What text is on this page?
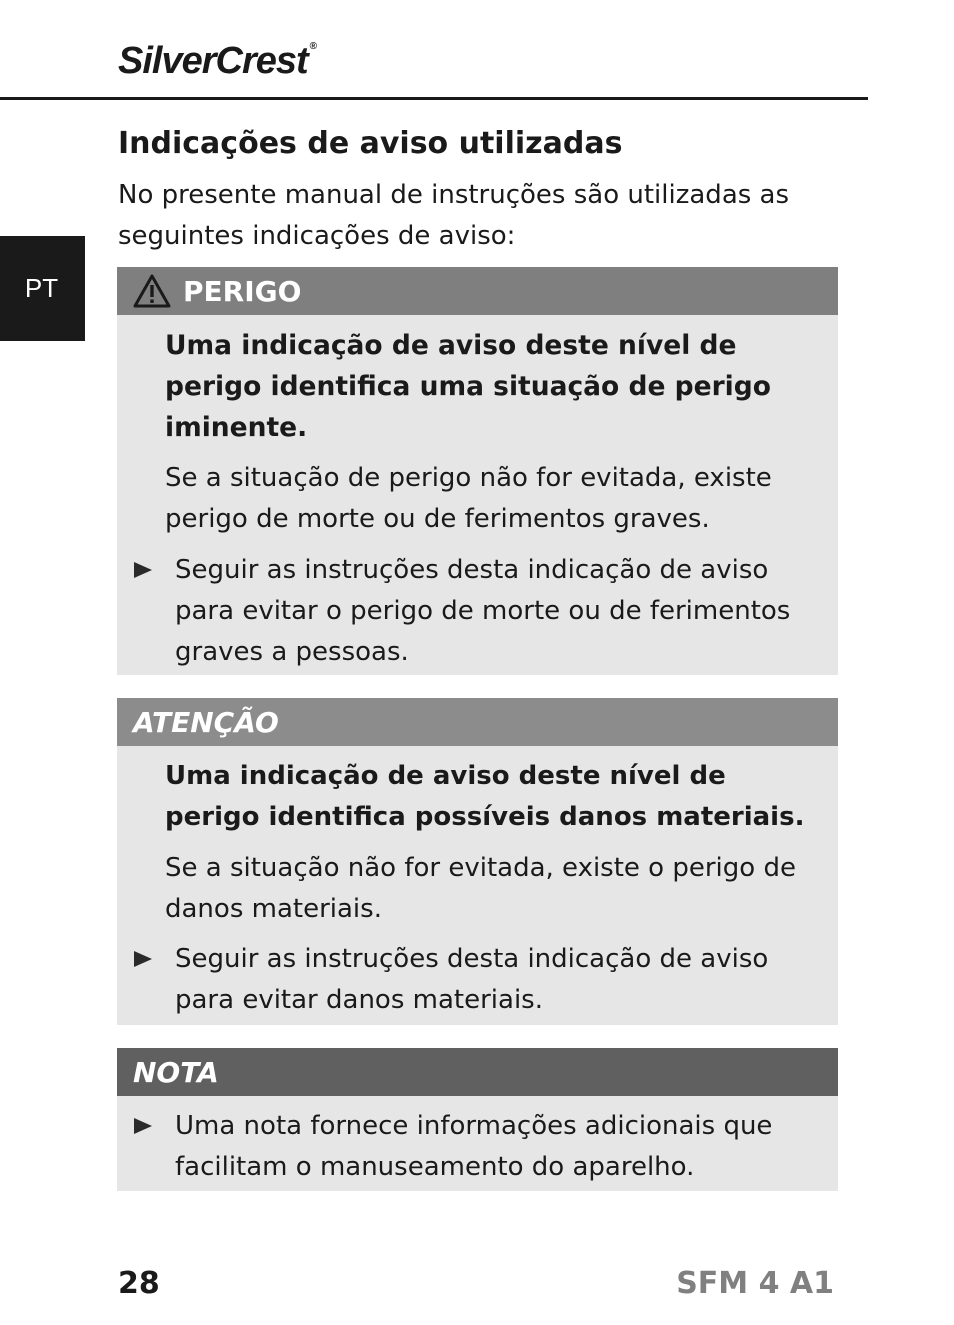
SilverCrest ®
PT
Indicações de aviso utilizadas

No presente manual de instruções são utilizadas as seguintes indicações de aviso:

PERIGO

Uma indicação de aviso deste nível de perigo identifica uma situação de perigo iminente.

Se a situação de perigo não for evitada, existe perigo de morte ou de ferimentos graves.

Seguir as instruções desta indicação de aviso para evitar o perigo de morte ou de ferimentos graves a pessoas.
ATENÇÃO

Uma indicação de aviso deste nível de perigo identifica possíveis danos materiais.

Se a situação não for evitada, existe o perigo de danos materiais.

Seguir as instruções desta indicação de aviso para evitar danos materiais.
NOTA
Uma nota fornece informações adicionais que facilitam o manuseamento do aparelho.
28	SFM 4 A1
